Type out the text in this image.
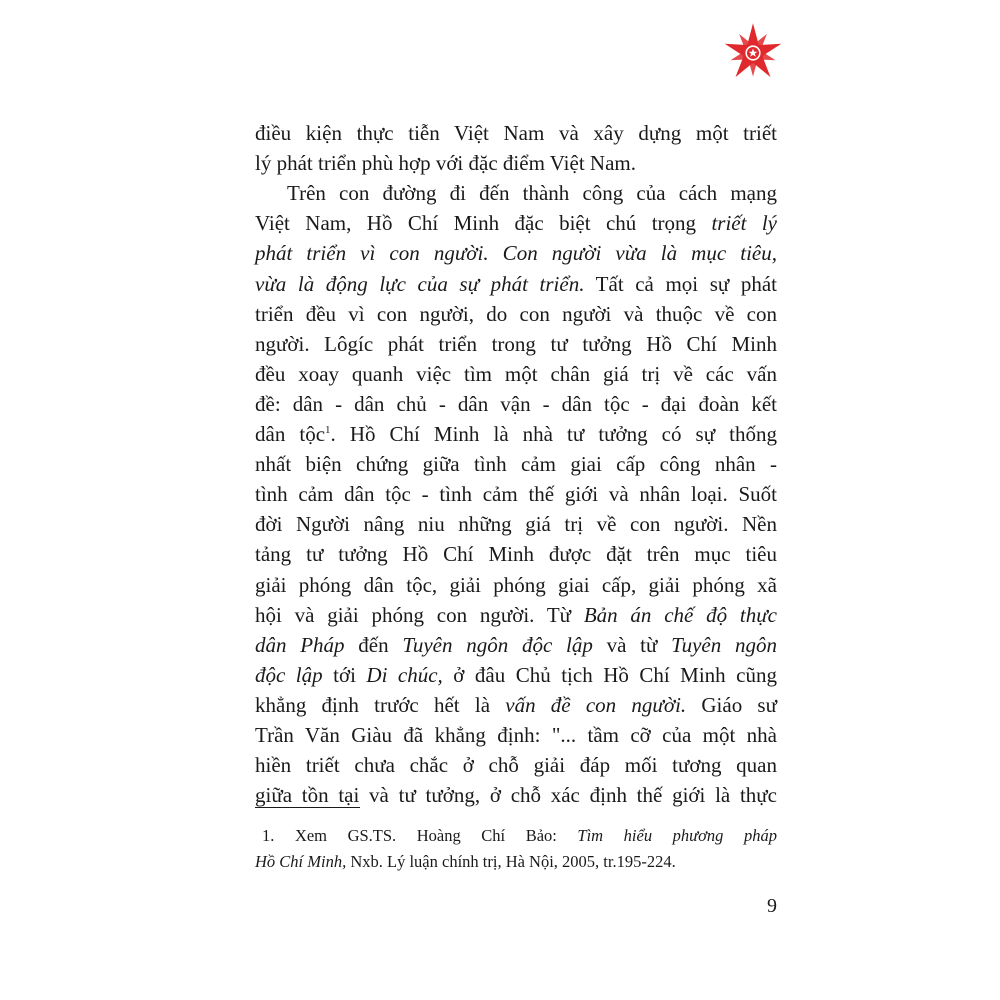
điều kiện thực tiễn Việt Nam và xây dựng một triết
lý phát triển phù hợp với đặc điểm Việt Nam.
Trên con đường đi đến thành công của cách mạng
Việt Nam, Hồ Chí Minh đặc biệt chú trọng triết lý
phát triển vì con người. Con người vừa là mục tiêu,
vừa là động lực của sự phát triển. Tất cả mọi sự phát
triển đều vì con người, do con người và thuộc về con
người. Lôgíc phát triển trong tư tưởng Hồ Chí Minh
đều xoay quanh việc tìm một chân giá trị về các vấn
đề: dân - dân chủ - dân vận - dân tộc - đại đoàn kết
dân tộc$^1$. Hồ Chí Minh là nhà tư tưởng có sự thống
nhất biện chứng giữa tình cảm giai cấp công nhân -
tình cảm dân tộc - tình cảm thế giới và nhân loại. Suốt
đời Người nâng niu những giá trị về con người. Nền
tảng tư tưởng Hồ Chí Minh được đặt trên mục tiêu
giải phóng dân tộc, giải phóng giai cấp, giải phóng xã
hội và giải phóng con người. Từ Bản án chế độ thực
dân Pháp đến Tuyên ngôn độc lập và từ Tuyên ngôn
độc lập tới Di chúc, ở đâu Chủ tịch Hồ Chí Minh cũng
khẳng định trước hết là vấn đề con người. Giáo sư
Trần Văn Giàu đã khẳng định: "... tầm cỡ của một nhà
hiền triết chưa chắc ở chỗ giải đáp mối tương quan
giữa tồn tại và tư tưởng, ở chỗ xác định thế giới là thực
1. Xem GS.TS. Hoàng Chí Bảo: Tìm hiểu phương pháp
Hồ Chí Minh, Nxb. Lý luận chính trị, Hà Nội, 2005, tr.195-224.
9
